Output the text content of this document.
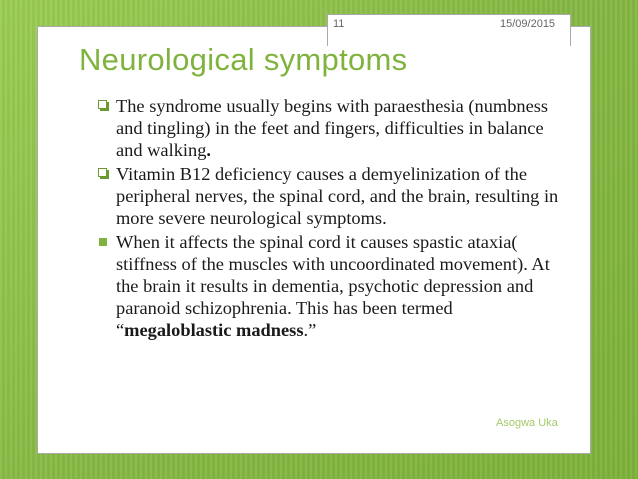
11	15/09/2015
Neurological symptoms
The syndrome usually begins with paraesthesia (numbness and tingling) in the feet and fingers, difficulties in balance and walking.
Vitamin B12 deficiency causes a demyelinization of the peripheral nerves, the spinal cord, and the brain, resulting in more severe neurological symptoms.
When it affects the spinal cord it causes spastic ataxia( stiffness of the muscles with uncoordinated movement). At the brain it results in dementia, psychotic depression and paranoid schizophrenia. This has been termed “megaloblastic madness.”
Asogwa Uka
